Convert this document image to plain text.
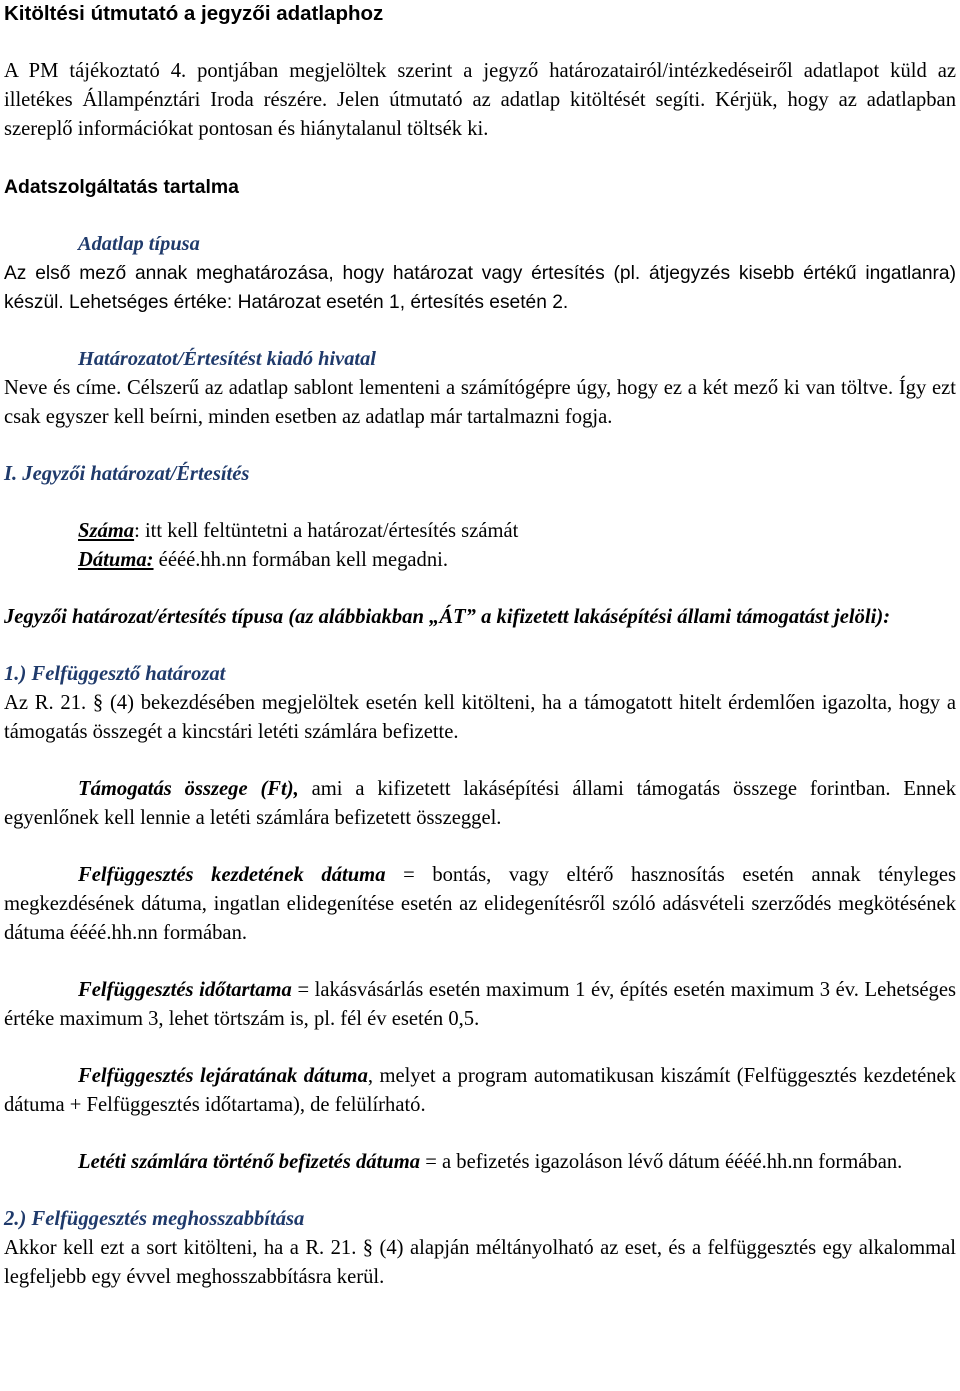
Kitöltési útmutató a jegyzői adatlaphoz

A PM tájékoztató 4. pontjában megjelöltek szerint a jegyző határozatairól/intézkedéseiről adatlapot küld az illetékes Állampénztári Iroda részére. Jelen útmutató az adatlap kitöltését segíti. Kérjük, hogy az adatlapban szereplő információkat pontosan és hiánytalanul töltsék ki.

Adatszolgáltatás tartalma

Adatlap típusa

Az első mező annak meghatározása, hogy határozat vagy értesítés (pl. átjegyzés kisebb értékű ingatlanra) készül. Lehetséges értéke: Határozat esetén 1, értesítés esetén 2.

Határozatot/Értesítést kiadó hivatal

Neve és címe. Célszerű az adatlap sablont lementeni a számítógépre úgy, hogy ez a két mező ki van töltve. Így ezt csak egyszer kell beírni, minden esetben az adatlap már tartalmazni fogja.

I. Jegyzői határozat/Értesítés

Száma: itt kell feltüntetni a határozat/értesítés számát

Dátuma: éééé.hh.nn formában kell megadni.

Jegyzői határozat/értesítés típusa (az alábbiakban „ÁT” a kifizetett lakásépítési állami támogatást jelöli):

1.) Felfüggesztő határozat

Az R. 21. § (4) bekezdésében megjelöltek esetén kell kitölteni, ha a támogatott hitelt érdemlően igazolta, hogy a támogatás összegét a kincstári letéti számlára befizette.

Támogatás összege (Ft), ami a kifizetett lakásépítési állami támogatás összege forintban. Ennek egyenlőnek kell lennie a letéti számlára befizetett összeggel.

Felfüggesztés kezdetének dátuma = bontás, vagy eltérő hasznosítás esetén annak tényleges megkezdésének dátuma, ingatlan elidegenítése esetén az elidegenítésről szóló adásvételi szerződés megkötésének dátuma éééé.hh.nn formában.

Felfüggesztés időtartama = lakásvásárlás esetén maximum 1 év, építés esetén maximum 3 év. Lehetséges értéke maximum 3, lehet törtszám is, pl. fél év esetén 0,5.

Felfüggesztés lejáratának dátuma, melyet a program automatikusan kiszámít (Felfüggesztés kezdetének dátuma + Felfüggesztés időtartama), de felülírható.

Letéti számlára történő befizetés dátuma = a befizetés igazoláson lévő dátum éééé.hh.nn formában.

2.) Felfüggesztés meghosszabbítása

Akkor kell ezt a sort kitölteni, ha a R. 21. § (4) alapján méltányolható az eset, és a felfüggesztés egy alkalommal legfeljebb egy évvel meghosszabbításra kerül.
